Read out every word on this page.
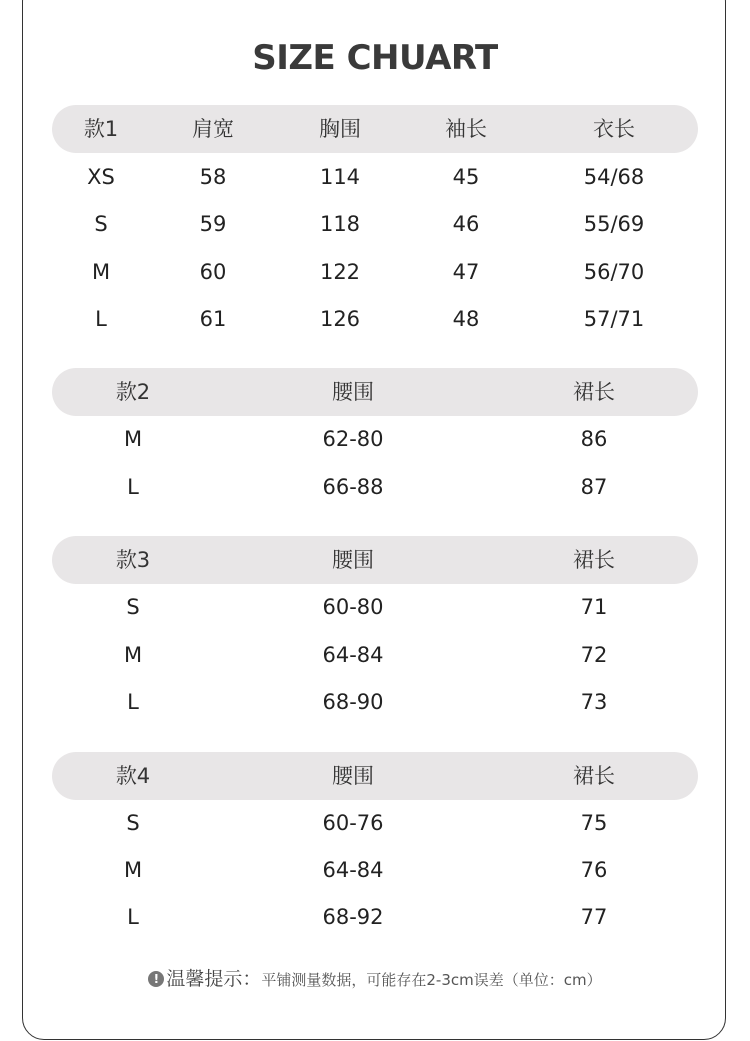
SIZE CHUART
款1	肩宽	胸围	袖长	衣长
XS	58	114	45	54/68
S	59	118	46	55/69
M	60	122	47	56/70
L	61	126	48	57/71
款2	腰围	裙长
M	62-80	86
L	66-88	87
款3	腰围	裙长
S	60-80	71
M	64-84	72
L	68-90	73
款4	腰围	裙长
S	60-76	75
M	64-84	76
L	68-92	77
! 温馨提示：平铺测量数据，可能存在2-3cm误差（单位：cm）
